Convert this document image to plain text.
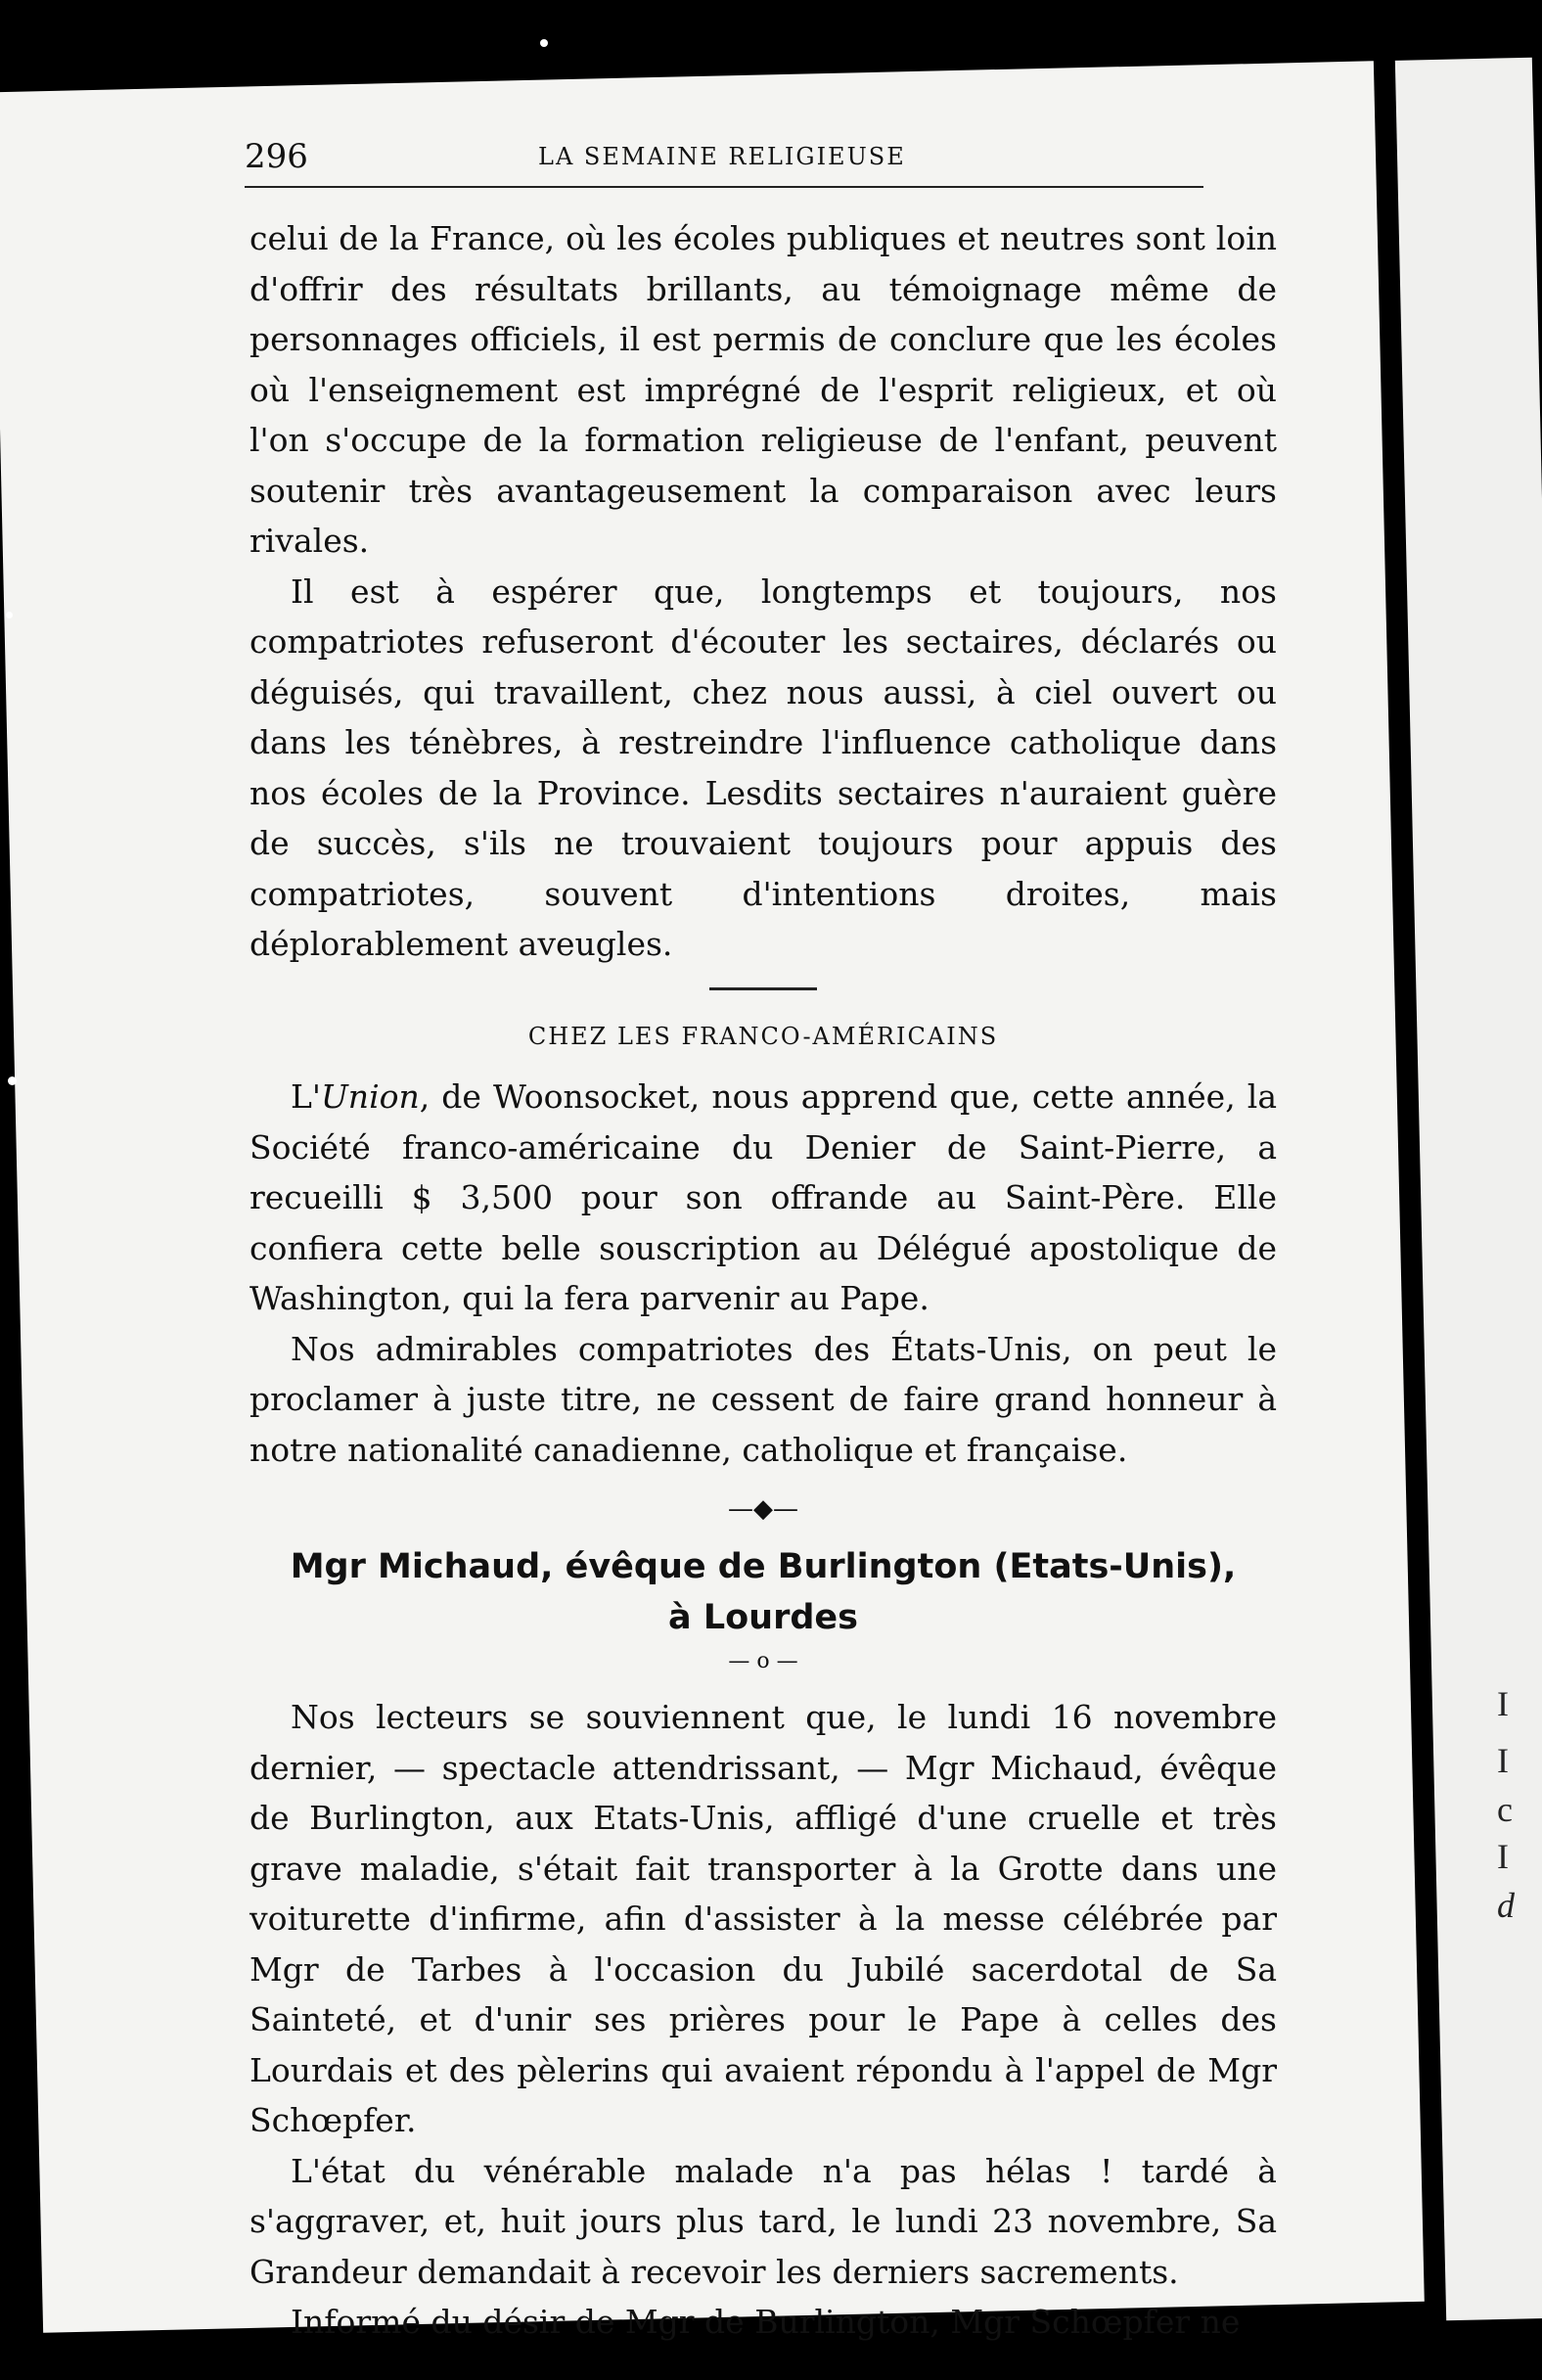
I
I
c
I
d
296	LA SEMAINE RELIGIEUSE

celui de la France, où les écoles publiques et neutres sont loin d'offrir des résultats brillants, au témoignage même de personnages officiels, il est permis de conclure que les écoles où l'enseignement est imprégné de l'esprit religieux, et où l'on s'occupe de la formation religieuse de l'enfant, peuvent soutenir très avantageusement la comparaison avec leurs rivales.

Il est à espérer que, longtemps et toujours, nos compatriotes refuseront d'écouter les sectaires, déclarés ou déguisés, qui travaillent, chez nous aussi, à ciel ouvert ou dans les ténèbres, à restreindre l'influence catholique dans nos écoles de la Province. Lesdits sectaires n'auraient guère de succès, s'ils ne trouvaient toujours pour appuis des compatriotes, souvent d'intentions droites, mais déplorablement aveugles.

CHEZ LES FRANCO-AMÉRICAINS

L'Union, de Woonsocket, nous apprend que, cette année, la Société franco-américaine du Denier de Saint-Pierre, a recueilli $ 3,500 pour son offrande au Saint-Père. Elle confiera cette belle souscription au Délégué apostolique de Washington, qui la fera parvenir au Pape.

Nos admirables compatriotes des États-Unis, on peut le proclamer à juste titre, ne cessent de faire grand honneur à notre nationalité canadienne, catholique et française.

—◆—

Mgr Michaud, évêque de Burlington (Etats-Unis),

à Lourdes

— o —

Nos lecteurs se souviennent que, le lundi 16 novembre dernier, — spectacle attendrissant, — Mgr Michaud, évêque de Burlington, aux Etats-Unis, affligé d'une cruelle et très grave maladie, s'était fait transporter à la Grotte dans une voiturette d'infirme, afin d'assister à la messe célébrée par Mgr de Tarbes à l'occasion du Jubilé sacerdotal de Sa Sainteté, et d'unir ses prières pour le Pape à celles des Lourdais et des pèlerins qui avaient répondu à l'appel de Mgr Schœpfer.

L'état du vénérable malade n'a pas hélas ! tardé à s'aggraver, et, huit jours plus tard, le lundi 23 novembre, Sa Grandeur demandait à recevoir les derniers sacrements.

Informé du désir de Mgr de Burlington, Mgr Schœpfer ne
